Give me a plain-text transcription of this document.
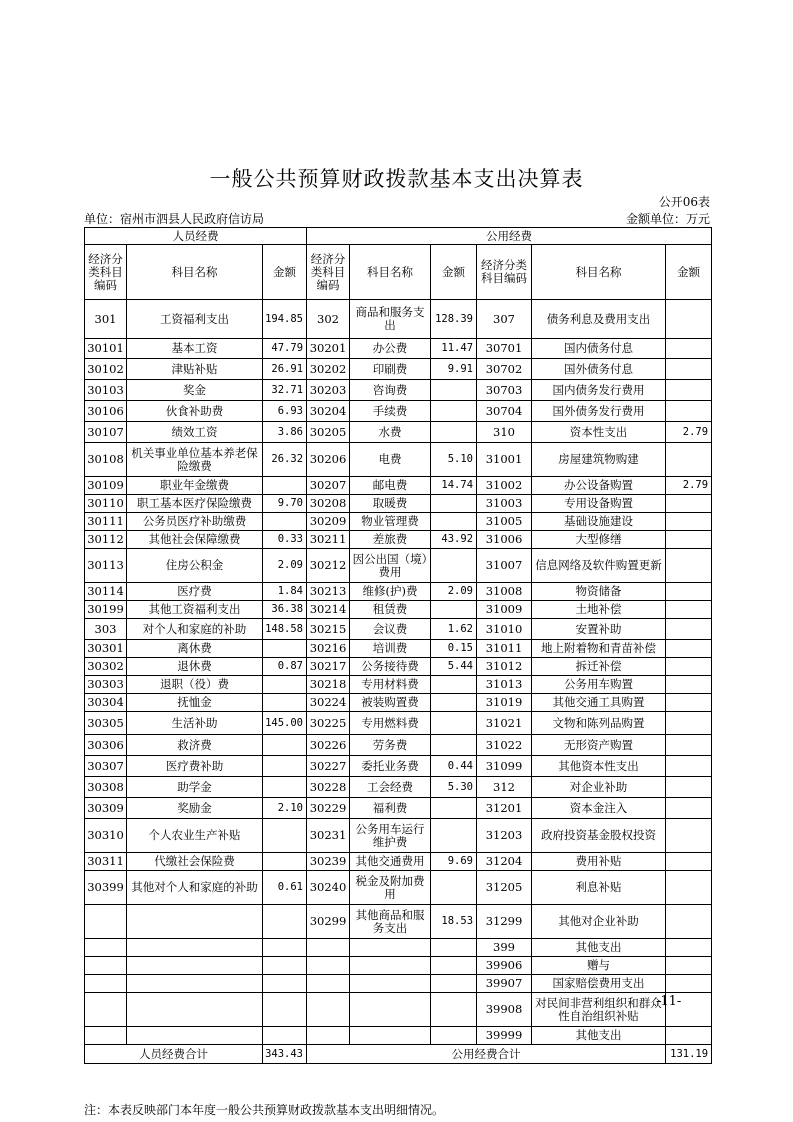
一般公共预算财政拨款基本支出决算表
公开06表
单位：宿州市泗县人民政府信访局	金额单位：万元
人员经费			公用经费					
经济分类科目编码	科目名称	金额	经济分类科目编码	科目名称	金额	经济分类科目编码	科目名称	金额
301	工资福利支出	194.85	302	商品和服务支出	128.39	307	债务利息及费用支出	
30101	基本工资	47.79	30201	办公费	11.47	30701	国内债务付息	
30102	津贴补贴	26.91	30202	印刷费	9.91	30702	国外债务付息	
30103	奖金	32.71	30203	咨询费		30703	国内债务发行费用	
30106	伙食补助费	6.93	30204	手续费		30704	国外债务发行费用	
30107	绩效工资	3.86	30205	水费		310	资本性支出	2.79
30108	机关事业单位基本养老保险缴费	26.32	30206	电费	5.10	31001	房屋建筑物购建	
30109	职业年金缴费		30207	邮电费	14.74	31002	办公设备购置	2.79
30110	职工基本医疗保险缴费	9.70	30208	取暖费		31003	专用设备购置	
30111	公务员医疗补助缴费		30209	物业管理费		31005	基础设施建设	
30112	其他社会保障缴费	0.33	30211	差旅费	43.92	31006	大型修缮	
30113	住房公积金	2.09	30212	因公出国（境）费用		31007	信息网络及软件购置更新	
30114	医疗费	1.84	30213	维修(护)费	2.09	31008	物资储备	
30199	其他工资福利支出	36.38	30214	租赁费		31009	土地补偿	
303	对个人和家庭的补助	148.58	30215	会议费	1.62	31010	安置补助	
30301	离休费		30216	培训费	0.15	31011	地上附着物和青苗补偿	
30302	退休费	0.87	30217	公务接待费	5.44	31012	拆迁补偿	
30303	退职（役）费		30218	专用材料费		31013	公务用车购置	
30304	抚恤金		30224	被装购置费		31019	其他交通工具购置	
30305	生活补助	145.00	30225	专用燃料费		31021	文物和陈列品购置	
30306	救济费		30226	劳务费		31022	无形资产购置	
30307	医疗费补助		30227	委托业务费	0.44	31099	其他资本性支出	
30308	助学金		30228	工会经费	5.30	312	对企业补助	
30309	奖励金	2.10	30229	福利费		31201	资本金注入	
30310	个人农业生产补贴		30231	公务用车运行维护费		31203	政府投资基金股权投资	
30311	代缴社会保险费		30239	其他交通费用	9.69	31204	费用补贴	
30399	其他对个人和家庭的补助	0.61	30240	税金及附加费用		31205	利息补贴	
			30299	其他商品和服务支出	18.53	31299	其他对企业补助	
						399	其他支出	
						39906	赠与	
						39907	国家赔偿费用支出	
						39908	对民间非营利组织和群众性自治组织补贴	
						39999	其他支出	
人员经费合计		343.43	公用经费合计					131.19
-11-
注：本表反映部门本年度一般公共预算财政拨款基本支出明细情况。
